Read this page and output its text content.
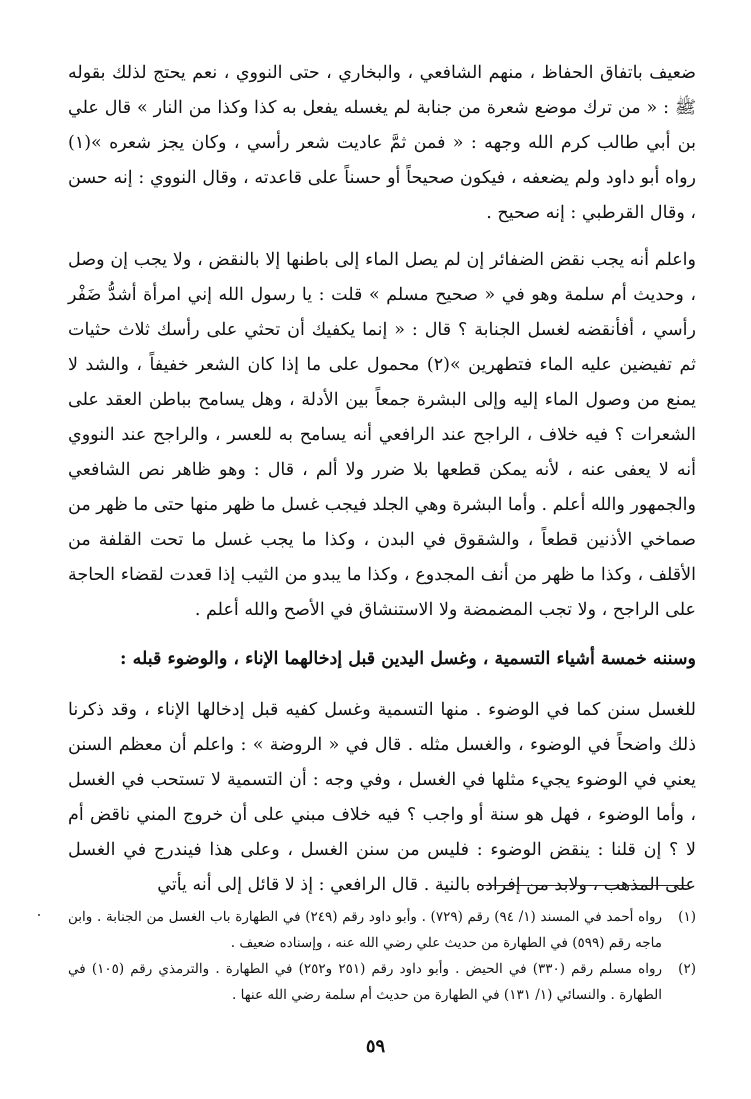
ضعيف باتفاق الحفاظ ، منهم الشافعي ، والبخاري ، حتى النووي ، نعم يحتج لذلك بقوله ﷺ : « من ترك موضع شعرة من جنابة لم يغسله يفعل به كذا وكذا من النار » قال علي بن أبي طالب كرم الله وجهه : « فمن ثمَّ عاديت شعر رأسي ، وكان يجز شعره »(١) رواه أبو داود ولم يضعفه ، فيكون صحيحاً أو حسناً على قاعدته ، وقال النووي : إنه حسن ، وقال القرطبي : إنه صحيح .

واعلم أنه يجب نقض الضفائر إن لم يصل الماء إلى باطنها إلا بالنقض ، ولا يجب إن وصل ، وحديث أم سلمة وهو في « صحيح مسلم » قلت : يا رسول الله إني امرأة أشدُّ ضَفْر رأسي ، أفأنقضه لغسل الجنابة ؟ قال : « إنما يكفيك أن تحثي على رأسك ثلاث حثيات ثم تفيضين عليه الماء فتطهرين »(٢) محمول على ما إذا كان الشعر خفيفاً ، والشد لا يمنع من وصول الماء إليه وإلى البشرة جمعاً بين الأدلة ، وهل يسامح بباطن العقد على الشعرات ؟ فيه خلاف ، الراجح عند الرافعي أنه يسامح به للعسر ، والراجح عند النووي أنه لا يعفى عنه ، لأنه يمكن قطعها بلا ضرر ولا ألم ، قال : وهو ظاهر نص الشافعي والجمهور والله أعلم . وأما البشرة وهي الجلد فيجب غسل ما ظهر منها حتى ما ظهر من صماخي الأذنين قطعاً ، والشقوق في البدن ، وكذا ما يجب غسل ما تحت القلفة من الأقلف ، وكذا ما ظهر من أنف المجدوع ، وكذا ما يبدو من الثيب إذا قعدت لقضاء الحاجة على الراجح ، ولا تجب المضمضة ولا الاستنشاق في الأصح والله أعلم .

وسننه خمسة أشياء التسمية ، وغسل اليدين قبل إدخالهما الإناء ، والوضوء قبله :

للغسل سنن كما في الوضوء . منها التسمية وغسل كفيه قبل إدخالها الإناء ، وقد ذكرنا ذلك واضحاً في الوضوء ، والغسل مثله . قال في « الروضة » : واعلم أن معظم السنن يعني في الوضوء يجيء مثلها في الغسل ، وفي وجه : أن التسمية لا تستحب في الغسل ، وأما الوضوء ، فهل هو سنة أو واجب ؟ فيه خلاف مبني على أن خروج المني ناقض أم لا ؟ إن قلنا : ينقض الوضوء : فليس من سنن الغسل ، وعلى هذا فيندرج في الغسل على المذهب ، ولابد من إفراده بالنية . قال الرافعي : إذ لا قائل إلى أنه يأتي

(١)
رواه أحمد في المسند (١/ ٩٤) رقم (٧٢٩) . وأبو داود رقم (٢٤٩) في الطهارة باب الغسل من الجنابة . وابن ماجه رقم (٥٩٩) في الطهارة من حديث علي رضي الله عنه ، وإسناده ضعيف .
(٢)
رواه مسلم رقم (٣٣٠) في الحيض . وأبو داود رقم (٢٥١ و٢٥٢) في الطهارة . والترمذي رقم (١٠٥) في الطهارة . والنسائي (١/ ١٣١) في الطهارة من حديث أم سلمة رضي الله عنها .
٥٩
